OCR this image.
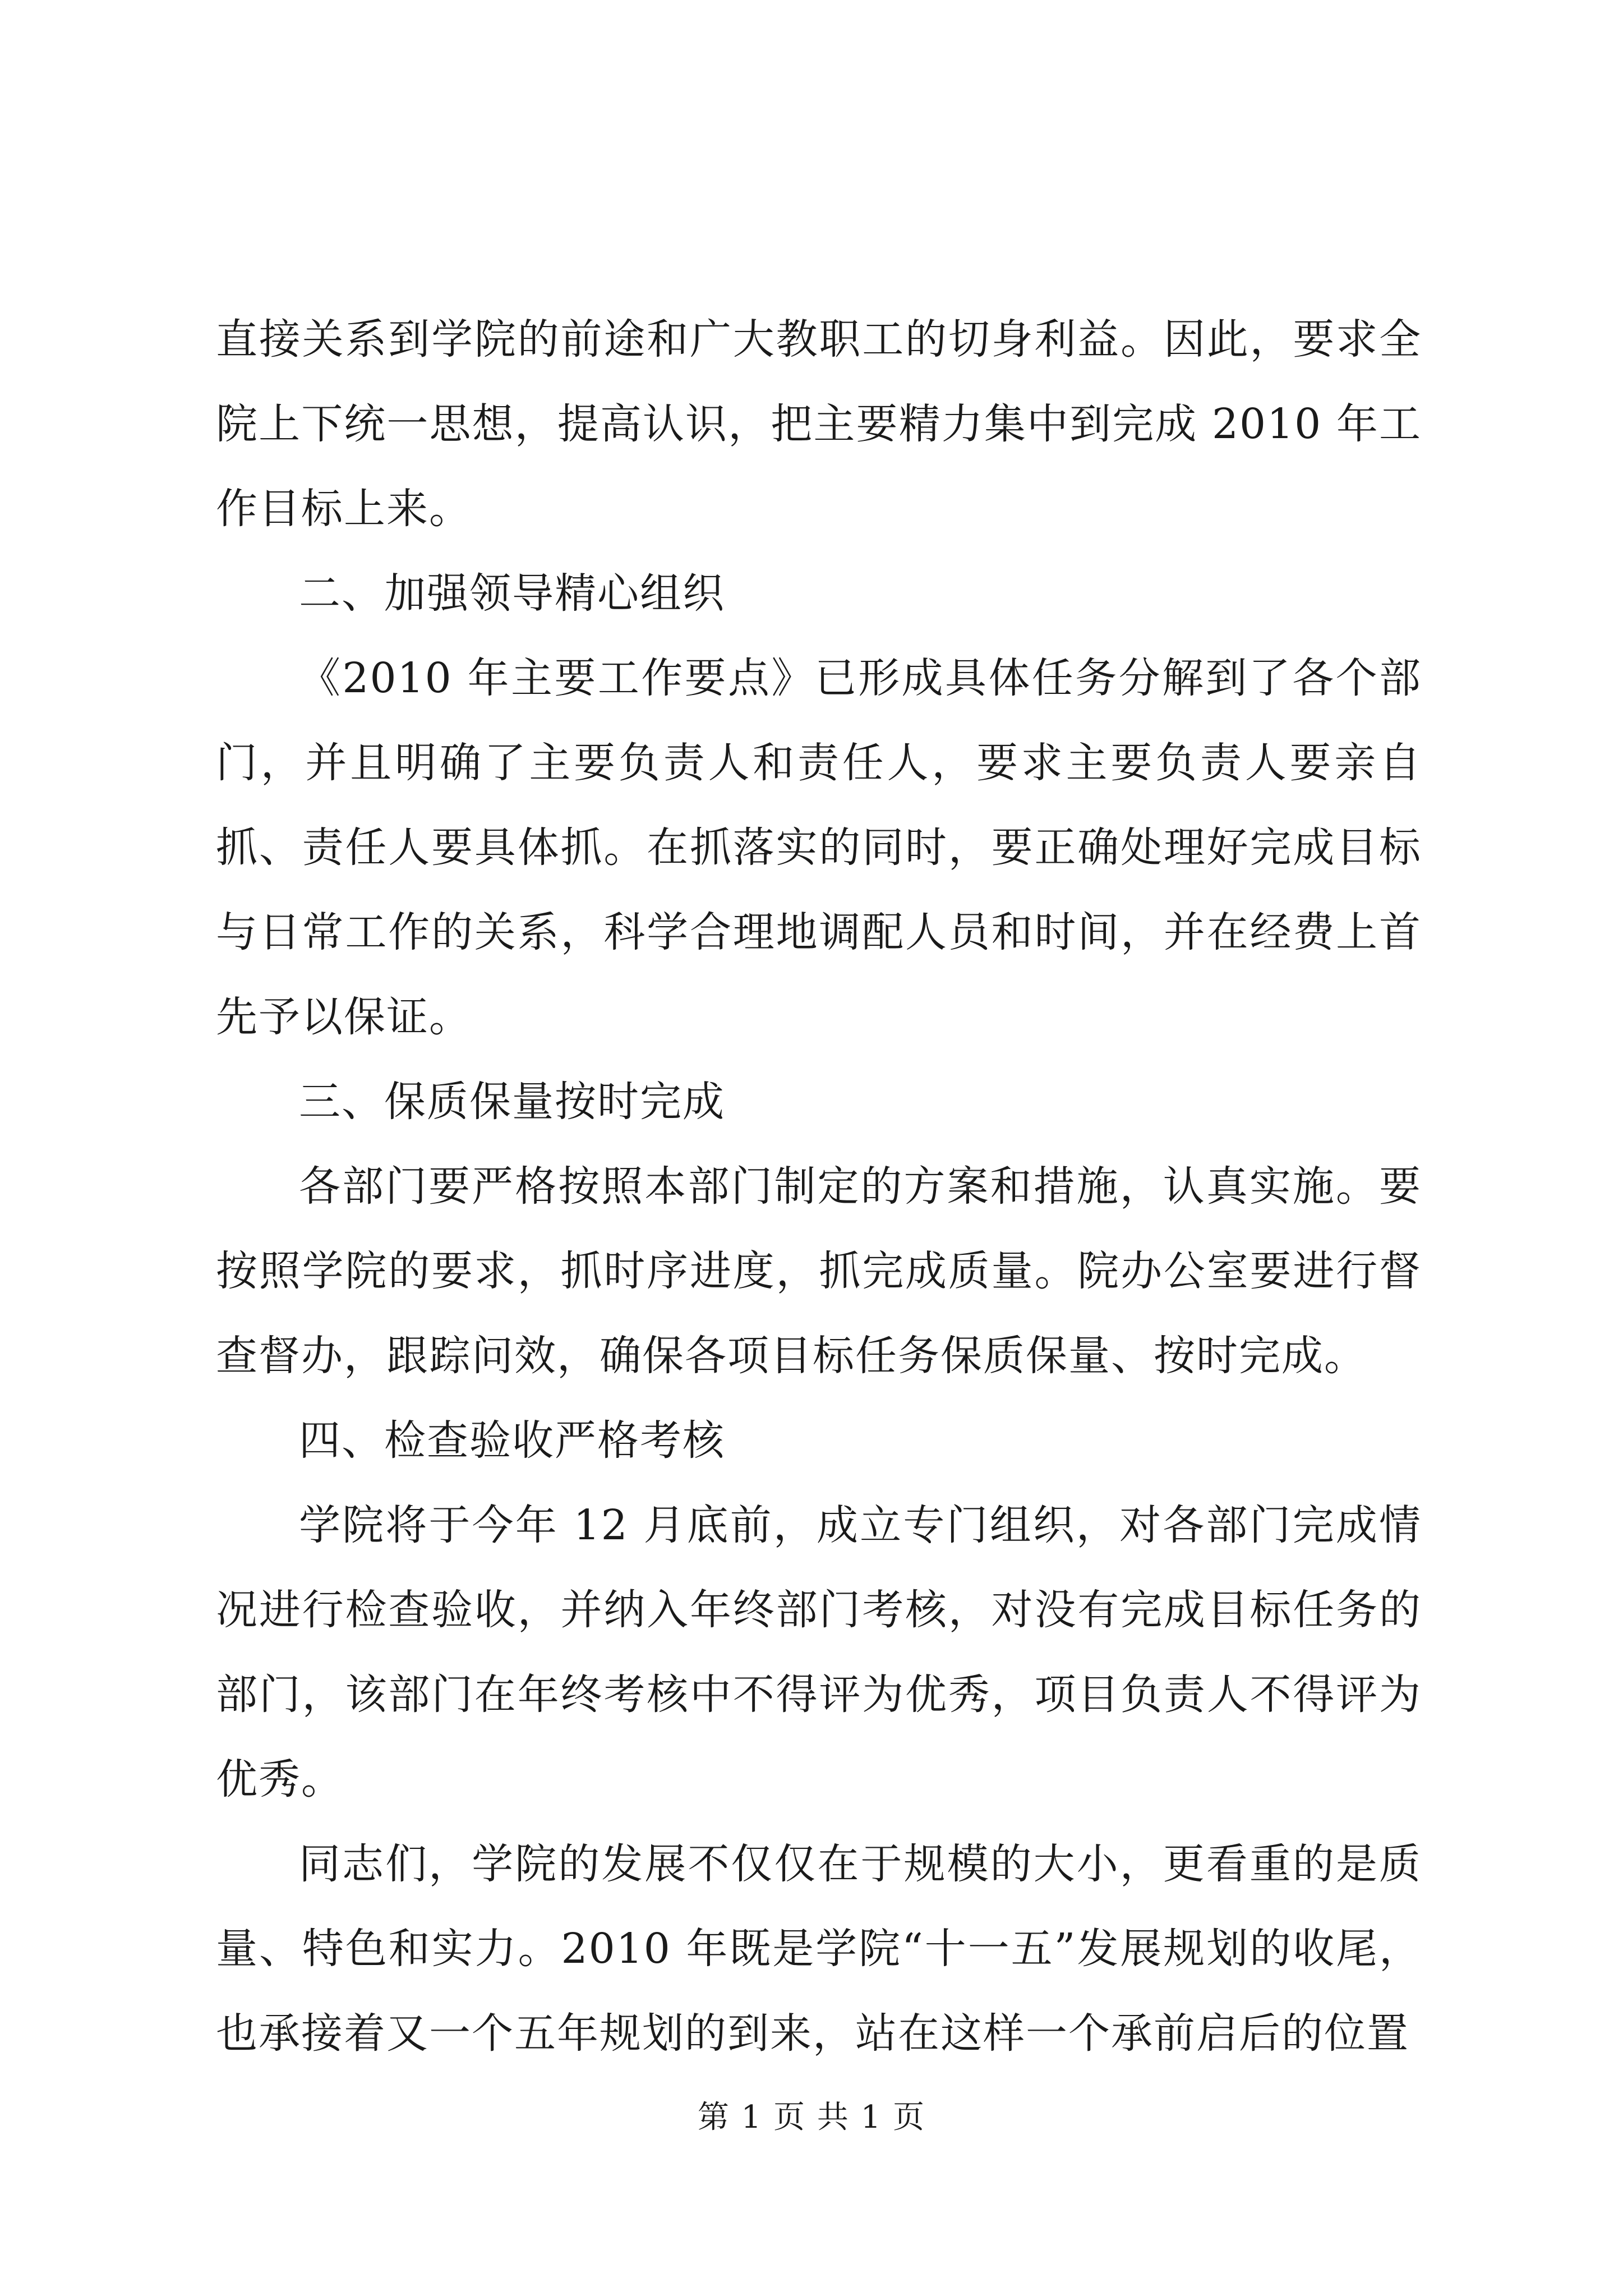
直接关系到学院的前途和广大教职工的切身利益。因此，要求全院上下统一思想，提高认识，把主要精力集中到完成 2010 年工作目标上来。

二、加强领导精心组织

《2010 年主要工作要点》已形成具体任务分解到了各个部门，并且明确了主要负责人和责任人，要求主要负责人要亲自抓、责任人要具体抓。在抓落实的同时，要正确处理好完成目标与日常工作的关系，科学合理地调配人员和时间，并在经费上首先予以保证。

三、保质保量按时完成

各部门要严格按照本部门制定的方案和措施，认真实施。要按照学院的要求，抓时序进度，抓完成质量。院办公室要进行督查督办，跟踪问效，确保各项目标任务保质保量、按时完成。

四、检查验收严格考核

学院将于今年 12 月底前，成立专门组织，对各部门完成情况进行检查验收，并纳入年终部门考核，对没有完成目标任务的部门，该部门在年终考核中不得评为优秀，项目负责人不得评为优秀。

同志们，学院的发展不仅仅在于规模的大小，更看重的是质量、特色和实力。2010 年既是学院“十一五”发展规划的收尾，也承接着又一个五年规划的到来，站在这样一个承前启后的位置

第 1 页 共 1 页
